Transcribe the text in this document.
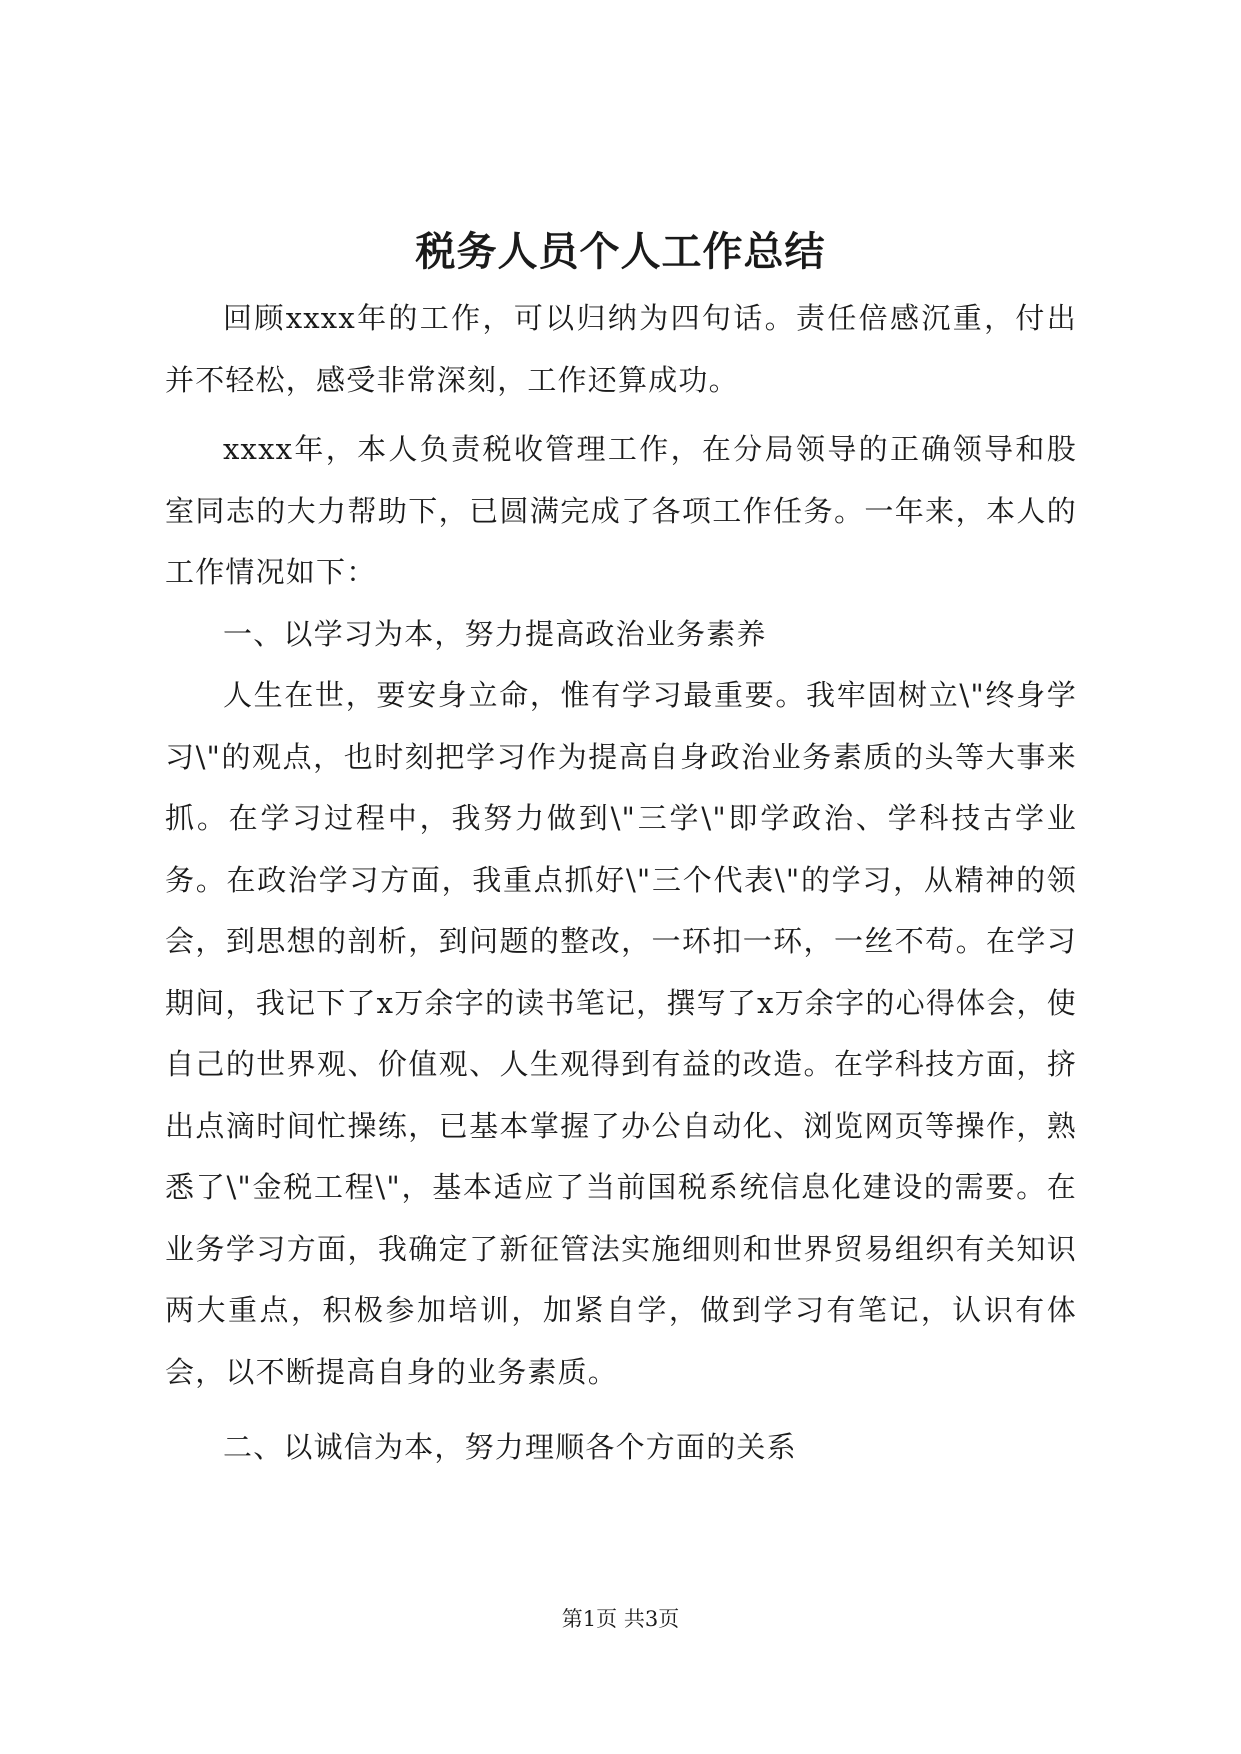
税务人员个人工作总结

回顾xxxx年的工作，可以归纳为四句话。责任倍感沉重，付出并不轻松，感受非常深刻，工作还算成功。

xxxx年，本人负责税收管理工作，在分局领导的正确领导和股室同志的大力帮助下，已圆满完成了各项工作任务。一年来，本人的工作情况如下：

一、以学习为本，努力提高政治业务素养

人生在世，要安身立命，惟有学习最重要。我牢固树立\"终身学习\"的观点，也时刻把学习作为提高自身政治业务素质的头等大事来抓。在学习过程中，我努力做到\"三学\"即学政治、学科技古学业务。在政治学习方面，我重点抓好\"三个代表\"的学习，从精神的领会，到思想的剖析，到问题的整改，一环扣一环，一丝不苟。在学习期间，我记下了x万余字的读书笔记，撰写了x万余字的心得体会，使自己的世界观、价值观、人生观得到有益的改造。在学科技方面，挤出点滴时间忙操练，已基本掌握了办公自动化、浏览网页等操作，熟悉了\"金税工程\"，基本适应了当前国税系统信息化建设的需要。在业务学习方面，我确定了新征管法实施细则和世界贸易组织有关知识两大重点，积极参加培训，加紧自学，做到学习有笔记，认识有体会，以不断提高自身的业务素质。

二、以诚信为本，努力理顺各个方面的关系

第1页 共3页
